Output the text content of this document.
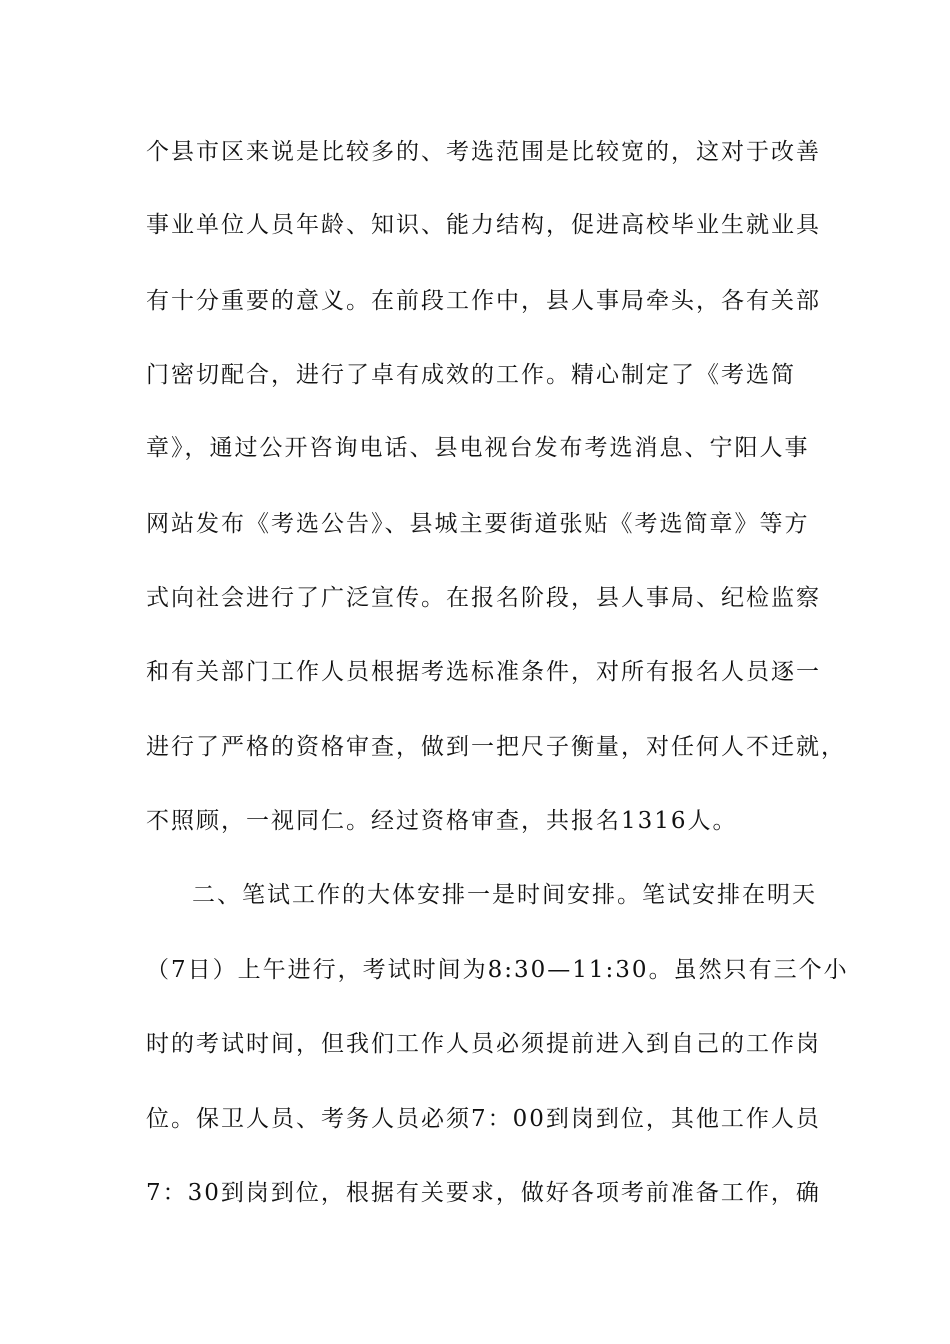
个县市区来说是比较多的、考选范围是比较宽的，这对于改善
事业单位人员年龄、知识、能力结构，促进高校毕业生就业具
有十分重要的意义。在前段工作中，县人事局牵头，各有关部
门密切配合，进行了卓有成效的工作。精心制定了《考选简
章》，通过公开咨询电话、县电视台发布考选消息、宁阳人事
网站发布《考选公告》、县城主要街道张贴《考选简章》等方
式向社会进行了广泛宣传。在报名阶段，县人事局、纪检监察
和有关部门工作人员根据考选标准条件，对所有报名人员逐一
进行了严格的资格审查，做到一把尺子衡量，对任何人不迁就，
不照顾，一视同仁。经过资格审查，共报名1316人。
二、笔试工作的大体安排一是时间安排。笔试安排在明天
（7日）上午进行，考试时间为8:30—11:30。虽然只有三个小
时的考试时间，但我们工作人员必须提前进入到自己的工作岗
位。保卫人员、考务人员必须7：00到岗到位，其他工作人员
7：30到岗到位，根据有关要求，做好各项考前准备工作，确
